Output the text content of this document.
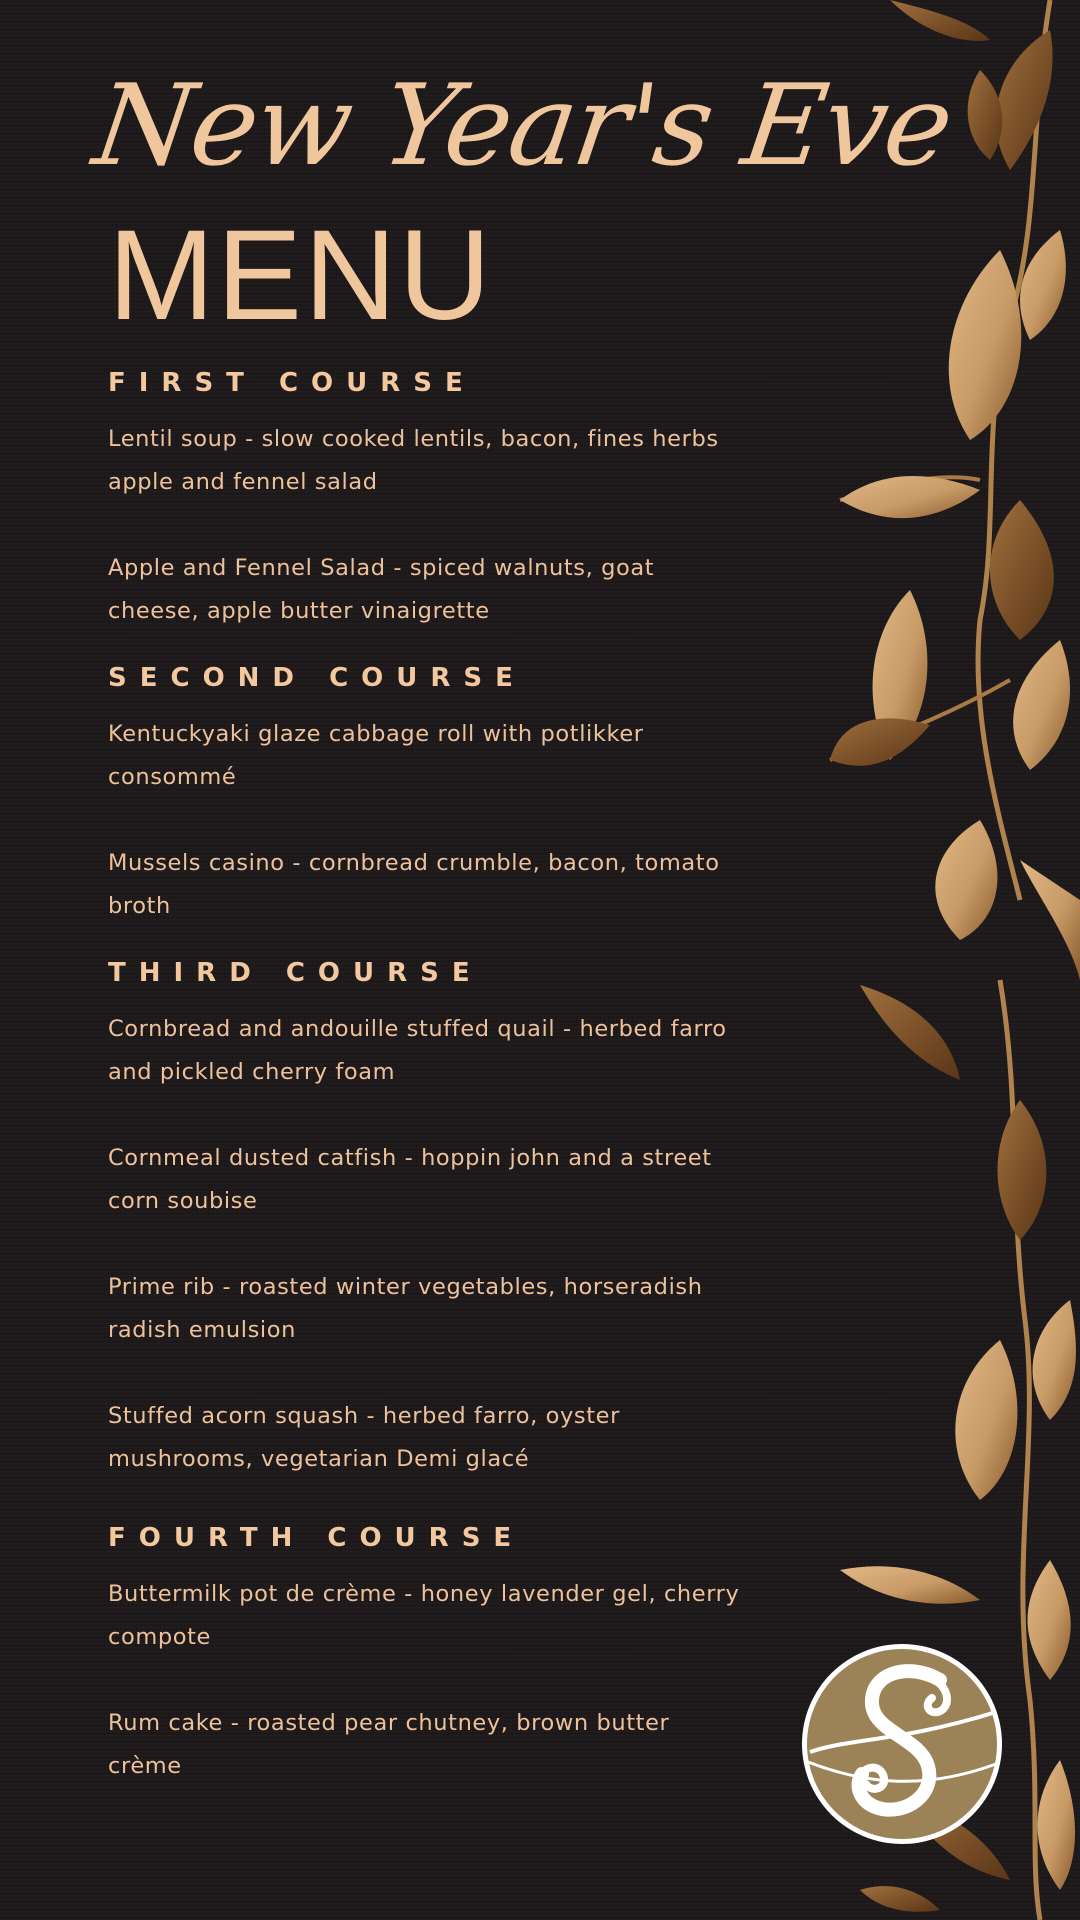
New Year's Eve
MENU
FIRST COURSE
Lentil soup - slow cooked lentils, bacon, fines herbs apple and fennel salad
Apple and Fennel Salad - spiced walnuts, goat cheese, apple butter vinaigrette
SECOND COURSE
Kentuckyaki glaze cabbage roll with potlikker consommé
Mussels casino - cornbread crumble, bacon, tomato broth
THIRD COURSE
Cornbread and andouille stuffed quail - herbed farro and pickled cherry foam
Cornmeal dusted catfish - hoppin john and a street corn soubise
Prime rib - roasted winter vegetables, horseradish radish emulsion
Stuffed acorn squash - herbed farro, oyster mushrooms, vegetarian Demi glacé
FOURTH COURSE
Buttermilk pot de crème - honey lavender gel, cherry compote
Rum cake - roasted pear chutney, brown butter crème
